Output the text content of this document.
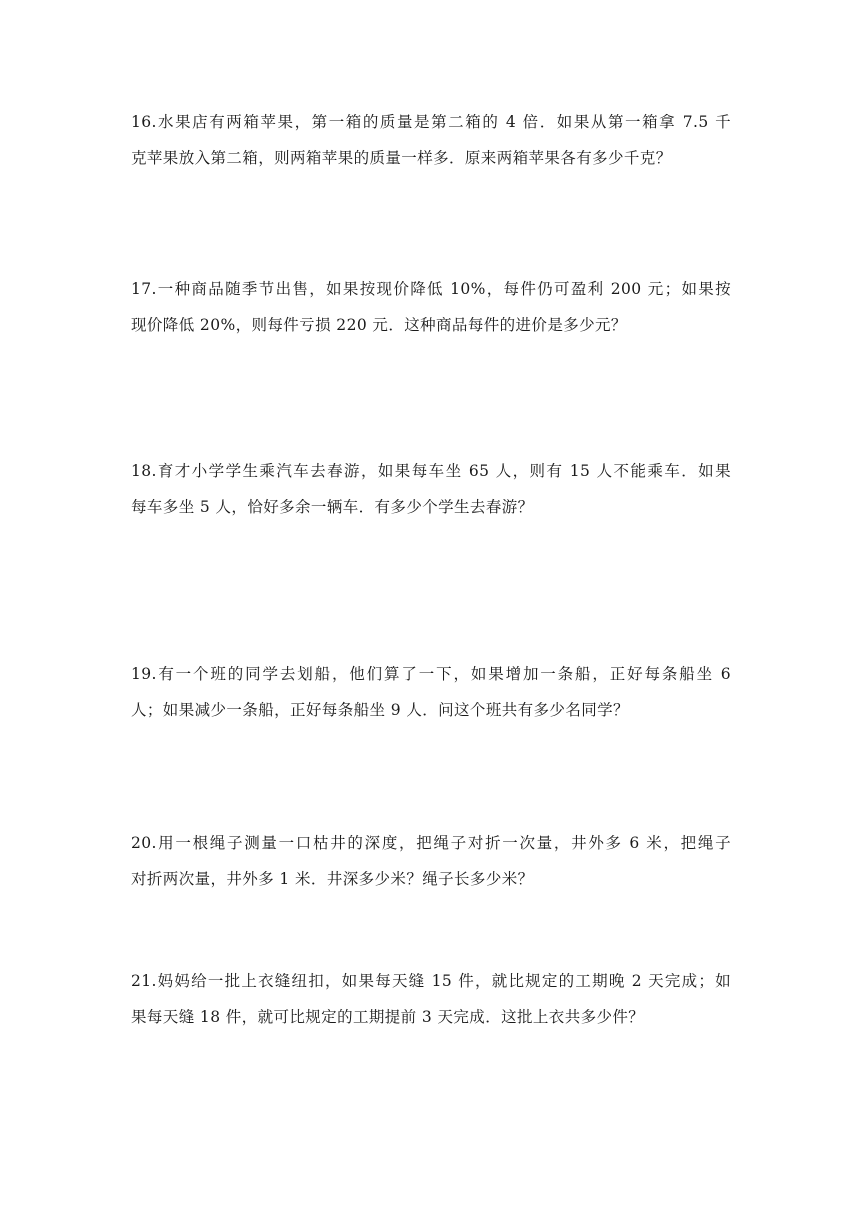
16.水果店有两箱苹果，第一箱的质量是第二箱的 4 倍．如果从第一箱拿 7.5 千
克苹果放入第二箱，则两箱苹果的质量一样多．原来两箱苹果各有多少千克？
17.一种商品随季节出售，如果按现价降低 10%，每件仍可盈利 200 元；如果按
现价降低 20%，则每件亏损 220 元．这种商品每件的进价是多少元？
18.育才小学学生乘汽车去春游，如果每车坐 65 人，则有 15 人不能乘车．如果
每车多坐 5 人，恰好多余一辆车．有多少个学生去春游？
19.有一个班的同学去划船，他们算了一下，如果增加一条船，正好每条船坐 6
人；如果减少一条船，正好每条船坐 9 人．问这个班共有多少名同学？
20.用一根绳子测量一口枯井的深度，把绳子对折一次量，井外多 6 米，把绳子
对折两次量，井外多 1 米．井深多少米？绳子长多少米？
21.妈妈给一批上衣缝纽扣，如果每天缝 15 件，就比规定的工期晚 2 天完成；如
果每天缝 18 件，就可比规定的工期提前 3 天完成．这批上衣共多少件？
